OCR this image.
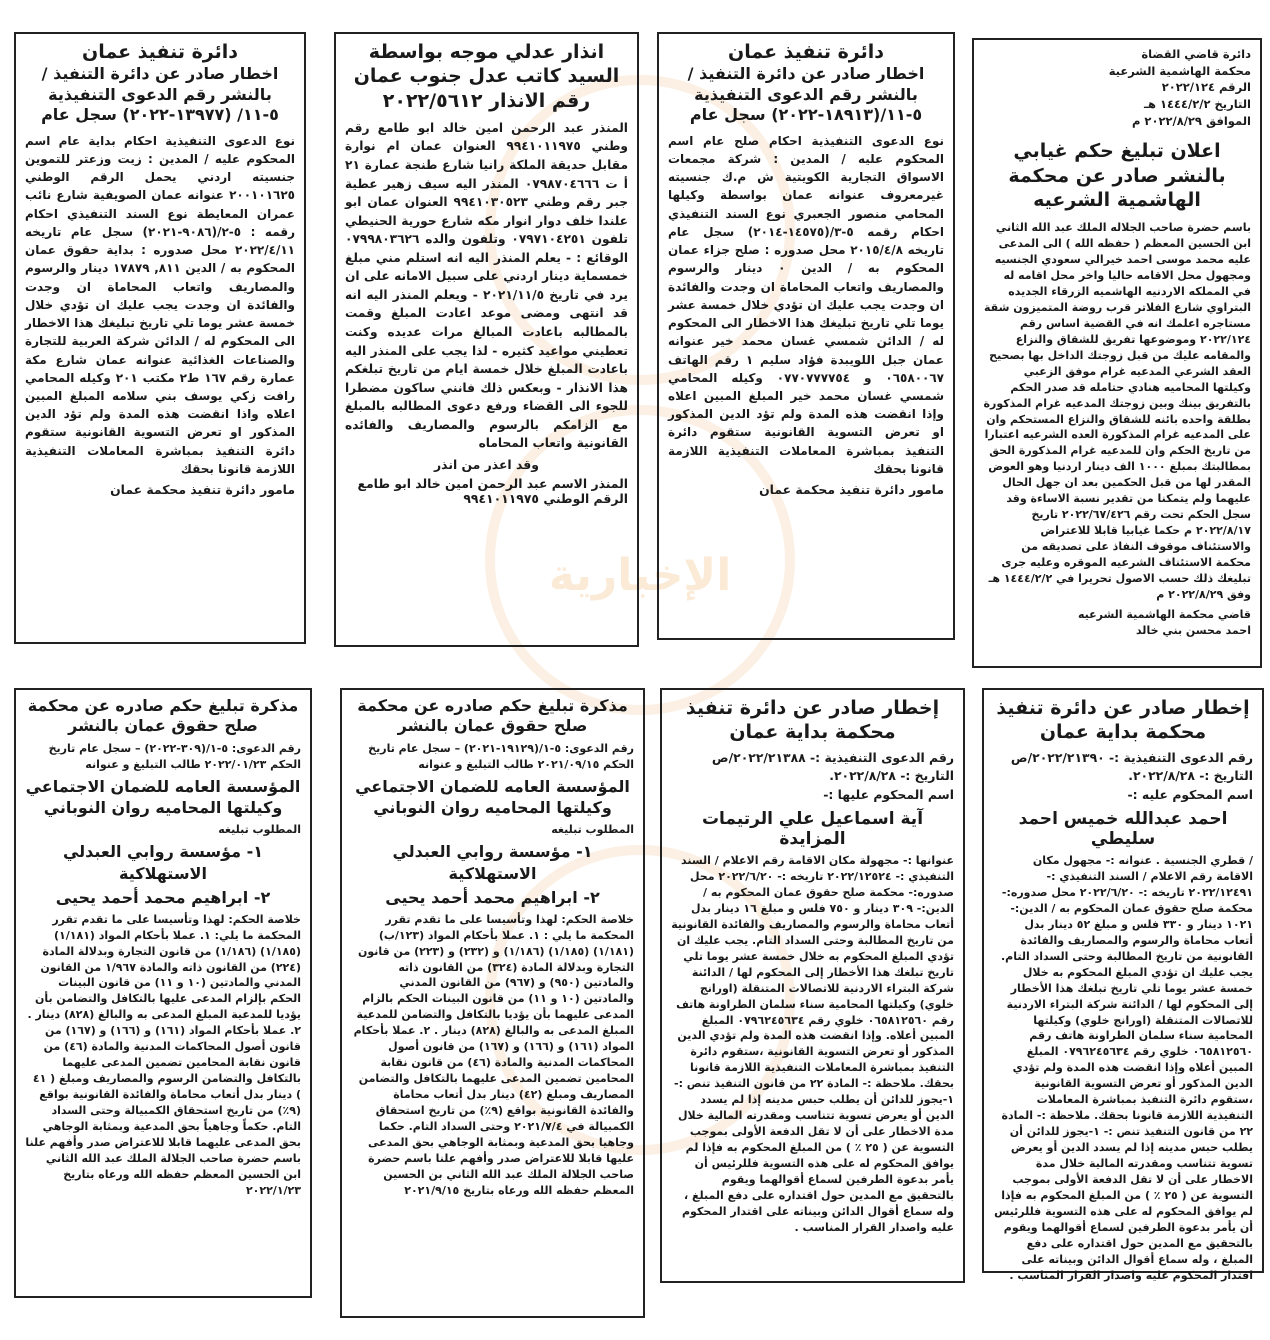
الإخبارية

دائرة قاضي القضاة

محكمة الهاشمية الشرعية

الرقم ٢٠٢٢/١٢٤

التاريخ ١٤٤٤/٢/٢ هـ

الموافق ٢٠٢٢/٨/٢٩ م

اعلان تبليغ حكم غيابي بالنشر صادر عن محكمة الهاشمية الشرعيه

باسم حضرة صاحب الجلاله الملك عبد الله الثاني ابن الحسين المعظم ( حفظه الله ) الى المدعى عليه محمد موسى احمد خيرالي سعودي الجنسيه ومجهول محل الاقامه حاليا واخر محل اقامه له في المملكه الاردنيه الهاشميه الزرقاء الجديده البتراوي شارع الفلاتر قرب روضة المتميزون شقة مستاجره اعلمك انه في القضية اساس رقم ٢٠٢٢/١٢٤ وموضوعها تفريق للشقاق والنزاع والمقامه عليك من قبل زوجتك الداخل بها بصحيح العقد الشرعي المدعيه غرام موفق الزعبي وكيلتها المحاميه هنادي حتامله قد صدر الحكم بالتفريق بينك وبين زوجتك المدعيه غرام المذكورة بطلقة واحده بائنه للشقاق والنزاع المستحكم وان على المدعيه غرام المذكورة العده الشرعيه اعتبارا من تاريخ الحكم وان للمدعيه غرام المذكورة الحق بمطالبتك بمبلغ ١٠٠٠ الف دينار اردنيا وهو العوض المقدر لها من قبل الحكمين بعد ان جهل الحال عليهما ولم يتمكنا من تقدير نسبة الاساءة وقد سجل الحكم تحت رقم ٢٠٢٢/٦٧/٤٢٦ تاريخ ٢٠٢٢/٨/١٧ م حكما غيابيا قابلا للاعتراض والاستئناف موقوف النفاذ على تصديقه من محكمة الاستئناف الشرعيه الموقره وعليه جرى تبليغك ذلك حسب الاصول تحريرا في ١٤٤٤/٢/٢ هـ وفق ٢٠٢٢/٨/٢٩ م

قاضي محكمة الهاشمية الشرعيه

احمد محسن بني خالد

دائرة تنفيذ عمان

اخطار صادر عن دائرة التنفيذ / بالنشر رقم الدعوى التنفيذية ٥-١١/(١٨٩١٣-٢٠٢٢) سجل عام

نوع الدعوى التنفيذية احكام صلح عام اسم المحكوم عليه / المدين : شركة مجمعات الاسواق التجارية الكويتية ش م.ك جنسيته غيرمعروف عنوانه عمان بواسطة وكيلها المحامي منصور الجعبري نوع السند التنفيذي احكام رقمه ٥-٣/(١٤٥٧٥-٢٠١٤) سجل عام تاريخه ٢٠١٥/٤/٨ محل صدوره : صلح جزاء عمان المحكوم به / الدين ٠ دينار والرسوم والمصاريف واتعاب المحاماة ان وجدت والفائدة ان وجدت يجب عليك ان تؤدي خلال خمسة عشر يوما تلي تاريخ تبليغك هذا الاخطار الى المحكوم له / الدائن شمسي غسان محمد خير عنوانه عمان جبل اللويبدة فؤاد سليم ١ رقم الهاتف ٠٦٥٨٠٠٦٧ و ٠٧٧٠٧٧٧٧٥٤ وكيله المحامي شمسي غسان محمد خير المبلغ المبين اعلاه وإذا انقضت هذه المدة ولم تؤد الدين المذكور او تعرض التسوية القانونية ستقوم دائرة التنفيذ بمباشرة المعاملات التنفيذية اللازمة قانونا بحقك

مامور دائرة تنفيذ محكمة عمان

انذار عدلي موجه بواسطة السيد كاتب عدل جنوب عمان رقم الانذار ٢٠٢٢/٥٦١٢

المنذر عبد الرحمن امين خالد ابو طامع رقم وطني ٩٩٤١٠١١٩٧٥ العنوان عمان ام نوارة مقابل حديقة الملكة رانيا شارع طنجة عمارة ٢١ أ ت ٠٧٩٨٧٠٤٦٦٦ المنذر اليه سيف زهير عطية جبر رقم وطني ٩٩٤١٠٣٠٥٢٣ العنوان عمان ابو علندا خلف دوار انوار مكه شارع حورية الحنيطي تلفون ٠٧٩٧١٠٤٢٥١ وتلفون والده ٠٧٩٩٨٠٣٦٢٦ الوقائع : - يعلم المنذر اليه انه استلم مني مبلغ خمسماية دينار اردني على سبيل الامانه على ان يرد في تاريخ ٢٠٢١/١١/٥ - ويعلم المنذر اليه انه قد انتهى ومضى موعد اعادت المبلغ وقمت بالمطالبه باعادت المبالغ مرات عديده وكنت تعطيني مواعيد كثيره - لذا يجب على المنذر اليه باعادت المبلغ خلال خمسة ايام من تاريخ تبلغكم هذا الانذار - وبعكس ذلك فانني ساكون مضطرا للجوء الى القضاء ورفع دعوى المطالبه بالمبلغ مع الزامكم بالرسوم والمصاريف والفائده القانونية واتعاب المحاماه

وقد اعذر من انذر

المنذر الاسم عبد الرحمن امين خالد ابو طامع الرقم الوطني ٩٩٤١٠١١٩٧٥

دائرة تنفيذ عمان

اخطار صادر عن دائرة التنفيذ / بالنشر رقم الدعوى التنفيذية ٥-١١/ (١٣٩٧٧-٢٠٢٢) سجل عام

نوع الدعوى التنفيذية احكام بداية عام اسم المحكوم عليه / المدين : زيت وزعتر للتموين جنسيته اردني يحمل الرقم الوطني ٢٠٠١٠١٦٢٥ عنوانه عمان الصويفية شارع نائب عمران المعايطة نوع السند التنفيذي احكام رقمه : ٥-٢/(٩٠٨٦-٢٠٢١) سجل عام تاريخه ٢٠٢٢/٤/١١ محل صدوره : بداية حقوق عمان المحكوم به / الدين ٨١١, ١٧٨٧٩ دينار والرسوم والمصاريف واتعاب المحاماة ان وجدت والفائدة ان وجدت يجب عليك ان تؤدي خلال خمسة عشر يوما تلي تاريخ تبليغك هذا الاخطار الى المحكوم له / الدائن شركة العربية للتجارة والصناعات الغذائية عنوانه عمان شارع مكة عمارة رقم ١٦٧ ط٢ مكتب ٢٠١ وكيله المحامي رافت زكي يوسف بني سلامه المبلغ المبين اعلاه واذا انقضت هذه المدة ولم تؤد الدين المذكور او تعرض التسوية القانونية ستقوم دائرة التنفيذ بمباشرة المعاملات التنفيذية اللازمة قانونا بحقك

مامور دائرة تنفيذ محكمة عمان

إخطار صادر عن دائرة تنفيذ محكمة بداية عمان

رقم الدعوى التنفيذية :- ٢٠٢٢/٢١٣٩٠/ص

التاريخ :- ٢٠٢٢/٨/٢٨.

اسم المحكوم عليه :-

احمد عبدالله خميس احمد سليطي

/ قطري الجنسية . عنوانه :- مجهول مكان الاقامة رقم الاعلام / السند التنفيذي :- ٢٠٢٢/١٢٤٩١ تاريخه :- ٢٠٢٢/٦/٢٠ محل صدوره:- محكمة صلح حقوق عمان المحكوم به / الدين:- ١٠٢١ دينار و ٣٣٠ فلس و مبلغ ٥٢ دينار بدل أتعاب محاماة والرسوم والمصاريف والفائدة القانونية من تاريخ المطالبة وحتى السداد التام. يجب عليك ان تؤدي المبلغ المحكوم به خلال خمسة عشر يوما تلي تاريخ تبلغك هذا الأخطار إلى المحكوم لها / الدائنة شركة البتراء الاردنية للاتصالات المتنقلة (اورانج خلوي) وكيلتها المحامية سناء سلمان الطراونة هاتف رقم ٠٦٥٨١٢٥٦٠ خلوي رقم ٠٧٩٦٢٤٥٦٣٤ المبلغ المبين أعلاه وإذا انقضت هذه المدة ولم تؤدي الدين المذكور أو تعرض التسوية القانونية ،ستقوم دائرة التنفيذ بمباشرة المعاملات التنفيذية اللازمة قانونا بحقك. ملاحظة :- المادة ٢٢ من قانون التنفيذ تنص :- ١-يجوز للدائن أن يطلب حبس مدينه إذا لم يسدد الدين أو يعرض تسوية تتناسب ومقدرته المالية خلال مدة الاخطار على أن لا تقل الدفعة الأولى بموجب التسوية عن ( ٢٥ ٪ ) من المبلغ المحكوم به فإذا لم يوافق المحكوم له على هذه التسوية فللرئيس أن يأمر بدعوة الطرفين لسماع أقوالهما ويقوم بالتحقيق مع المدين حول اقتداره على دفع المبلغ ، وله سماع أقوال الدائن وبيناته على اقتدار المحكوم عليه واصدار القرار المناسب .

إخطار صادر عن دائرة تنفيذ محكمة بداية عمان

رقم الدعوى التنفيذية :- ٢٠٢٢/٢١٣٨٨/ص

التاريخ :- ٢٠٢٢/٨/٢٨.

اسم المحكوم عليها :-

آية اسماعيل علي الرتيمات المزايدة

عنوانها :- مجهولة مكان الاقامة رقم الاعلام / السند التنفيذي :- ٢٠٢٢/١٢٥٢٤ تاريخه :- ٢٠٢٢/٦/٢٠ محل صدوره:- محكمة صلح حقوق عمان المحكوم به / الدين:- ٣٠٩ دينار و ٧٥٠ فلس و مبلغ ١٦ دينار بدل أتعاب محاماة والرسوم والمصاريف والفائدة القانونية من تاريخ المطالبة وحتى السداد التام. يجب عليك ان تؤدي المبلغ المحكوم به خلال خمسة عشر يوما تلي تاريخ تبلغك هذا الأخطار إلى المحكوم لها / الدائنة شركة البتراء الاردنية للاتصالات المتنقلة (اورانج خلوي) وكيلتها المحامية سناء سلمان الطراونة هاتف رقم ٠٦٥٨١٢٥٦٠ خلوي رقم ٠٧٩٦٢٤٥٦٣٤ المبلغ المبين أعلاه. وإذا انقضت هذه المدة ولم تؤدي الدين المذكور أو تعرض التسوية القانونية ،ستقوم دائرة التنفيذ بمباشرة المعاملات التنفيذية اللازمة قانونا بحقك. ملاحظة :- المادة ٢٢ من قانون التنفيذ تنص :- ١-يجوز للدائن أن يطلب حبس مدينه إذا لم يسدد الدين أو يعرض تسوية تتناسب ومقدرته المالية خلال مدة الاخطار على أن لا تقل الدفعة الأولى بموجب التسوية عن ( ٢٥ ٪ ) من المبلغ المحكوم به فإذا لم يوافق المحكوم له على هذه التسوية فللرئيس أن يأمر بدعوة الطرفين لسماع أقوالهما ويقوم بالتحقيق مع المدين حول اقتداره على دفع المبلغ ، وله سماع أقوال الدائن وبيناته على اقتدار المحكوم عليه واصدار القرار المناسب .

مذكرة تبليغ حكم صادره عن محكمة صلح حقوق عمان بالنشر

رقم الدعوى: ٥-١/(١٩١٢٩-٢٠٢١) – سجل عام تاريخ الحكم ٢٠٢١/٠٩/١٥ طالب التبليغ و عنوانه

المؤسسة العامه للضمان الاجتماعي وكيلتها المحاميه روان النوباني

المطلوب تبليغه

١- مؤسسة روابي العبدلي الاستهلاكية

٢- ابراهيم محمد أحمد يحيى

خلاصة الحكم: لهذا وتأسيسا على ما تقدم تقرر المحكمة ما يلي : ١. عملا بأحكام المواد (١٢٣/ب) (١/١٨١) (١/١٨٥) (١/١٨٦) و (٢٣٢) و (٢٢٣) من قانون التجارة وبدلالة المادة (٣٢٤) من القانون ذاته والمادتين (٩٥٠) و (٩٦٧) من القانون المدني والمادتين (١٠ و ١١) من قانون البينات الحكم بالزام المدعى عليهما بأن يؤديا بالتكافل والتضامن للمدعية المبلغ المدعى به والبالغ (٨٢٨) دينار . ٢. عملا بأحكام المواد (١٦١) و (١٦٦) و (١٦٧) من قانون أصول المحاكمات المدنية والمادة (٤٦) من قانون نقابة المحامين تضمين المدعى عليهما بالتكافل والتضامن المصاريف ومبلغ (٤٢) دينار بدل أتعاب محاماة والفائدة القانونية بواقع (٩٪) من تاريخ استحقاق الكمبيالة في ٢٠٢١/٧/٤ وحتى السداد التام. حكما وجاهيا بحق المدعية وبمثابة الوجاهي بحق المدعى عليها قابلا للاعتراض صدر وأفهم علنا باسم حضرة صاحب الجلالة الملك عبد الله الثاني بن الحسين المعظم حفظه الله ورعاه بتاريخ ٢٠٢١/٩/١٥

مذكرة تبليغ حكم صادره عن محكمة صلح حقوق عمان بالنشر

رقم الدعوى: ٥-١/(٣٠٩-٢٠٢٢) – سجل عام تاريخ الحكم ٢٠٢٢/٠١/٢٣ طالب التبليغ و عنوانه

المؤسسة العامه للضمان الاجتماعي وكيلتها المحاميه روان النوباني

المطلوب تبليغه

١- مؤسسة روابي العبدلي الاستهلاكية

٢- ابراهيم محمد أحمد يحيى

خلاصة الحكم: لهذا وتأسيسا على ما تقدم تقرر المحكمة ما يلي: ١. عملا بأحكام المواد (١/١٨١) (١/١٨٥) (١/١٨٦) من قانون التجارة وبدلالة المادة (٢٢٤) من القانون ذاته والمادة ١/٩٦٧ من القانون المدني والمادتين (١٠ و ١١) من قانون البينات الحكم بإلزام المدعى عليها بالتكافل والتضامن بأن يؤديا للمدعية المبلغ المدعى به والبالغ (٨٢٨) دينار . ٢. عملا بأحكام المواد (١٦١) و (١٦٦) و (١٦٧) من قانون أصول المحاكمات المدنية والمادة (٤٦) من قانون نقابة المحامين تضمين المدعى عليهما بالتكافل والتضامن الرسوم والمصاريف ومبلغ ( ٤١ ) دينار بدل أتعاب محاماة والفائدة القانونية بواقع (٩٪) من تاريخ استحقاق الكمبيالة وحتى السداد التام. حكماً وجاهياً بحق المدعية وبمثابة الوجاهي بحق المدعى عليهما قابلا للاعتراض صدر وأفهم علنا باسم حضرة صاحب الجلالة الملك عبد الله الثاني ابن الحسين المعظم حفظه الله ورعاه بتاريخ ٢٠٢٢/١/٢٣
